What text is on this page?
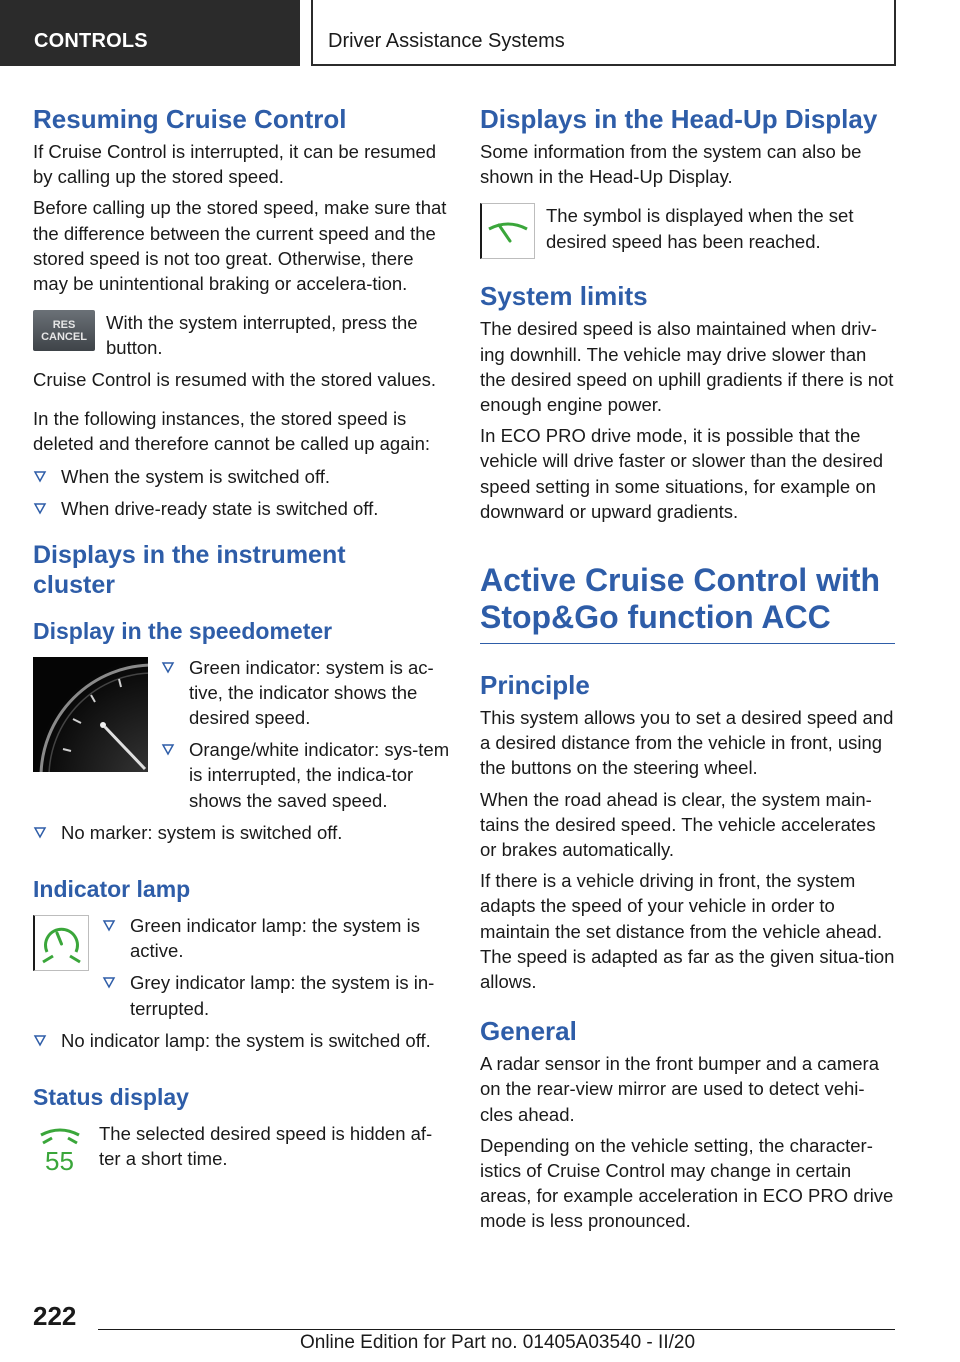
CONTROLS	Driver Assistance Systems
Resuming Cruise Control

If Cruise Control is interrupted, it can be resumed by calling up the stored speed.

Before calling up the stored speed, make sure that the difference between the current speed and the stored speed is not too great. Otherwise, there may be unintentional braking or accelera-tion.

RES
CANCEL
With the system interrupted, press the button.

Cruise Control is resumed with the stored values.

In the following instances, the stored speed is deleted and therefore cannot be called up again:

When the system is switched off.
When drive-ready state is switched off.
Displays in the instrument cluster
Display in the speedometer
Green indicator: system is ac-tive, the indicator shows the desired speed.
Orange/white indicator: sys-tem is interrupted, the indica-tor shows the saved speed.
No marker: system is switched off.
Indicator lamp
Green indicator lamp: the system is active.
Grey indicator lamp: the system is in-terrupted.
No indicator lamp: the system is switched off.
Status display
55
The selected desired speed is hidden af-ter a short time.
Displays in the Head-Up Display

Some information from the system can also be shown in the Head-Up Display.

The symbol is displayed when the set desired speed has been reached.
System limits

The desired speed is also maintained when driv-ing downhill. The vehicle may drive slower than the desired speed on uphill gradients if there is not enough engine power.

In ECO PRO drive mode, it is possible that the vehicle will drive faster or slower than the desired speed setting in some situations, for example on downward or upward gradients.

Active Cruise Control with Stop&Go function ACC
Principle

This system allows you to set a desired speed and a desired distance from the vehicle in front, using the buttons on the steering wheel.

When the road ahead is clear, the system main-tains the desired speed. The vehicle accelerates or brakes automatically.

If there is a vehicle driving in front, the system adapts the speed of your vehicle in order to maintain the set distance from the vehicle ahead. The speed is adapted as far as the given situa-tion allows.

General

A radar sensor in the front bumper and a camera on the rear-view mirror are used to detect vehi-cles ahead.

Depending on the vehicle setting, the character-istics of Cruise Control may change in certain areas, for example acceleration in ECO PRO drive mode is less pronounced.

222
Online Edition for Part no. 01405A03540 - II/20
